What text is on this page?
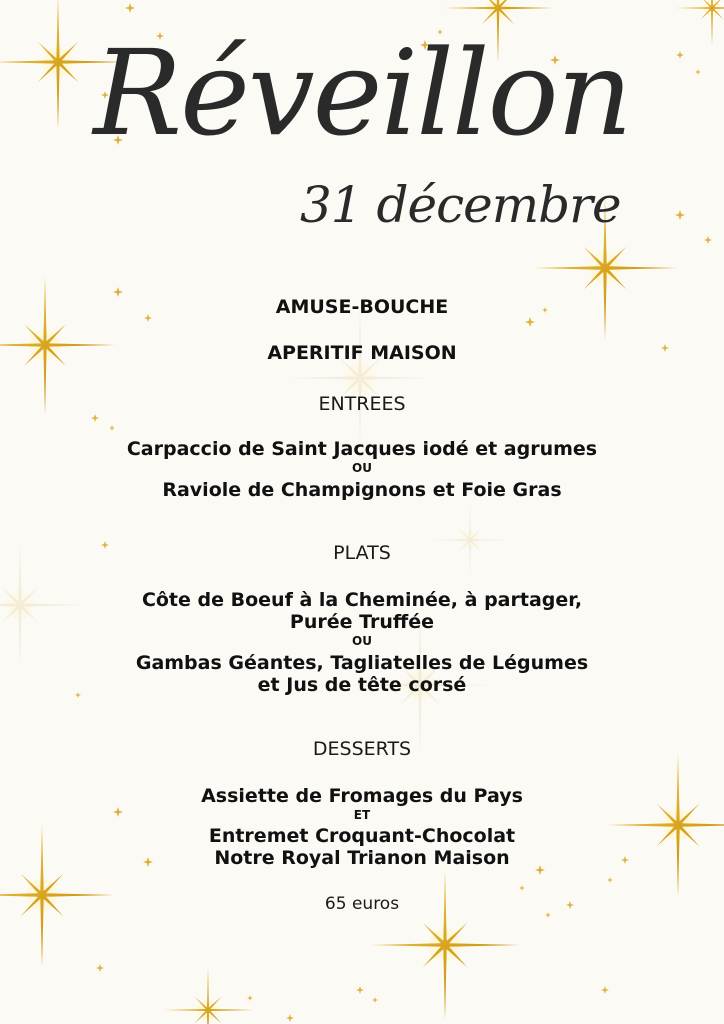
Réveillon
31 décembre
AMUSE-BOUCHE
APERITIF MAISON
ENTREES
Carpaccio de Saint Jacques iodé et agrumes
OU
Raviole de Champignons et Foie Gras
PLATS
Côte de Boeuf à la Cheminée, à partager,
Purée Truffée
OU
Gambas Géantes, Tagliatelles de Légumes
et Jus de tête corsé
DESSERTS
Assiette de Fromages du Pays
ET
Entremet Croquant-Chocolat
Notre Royal Trianon Maison
65 euros
